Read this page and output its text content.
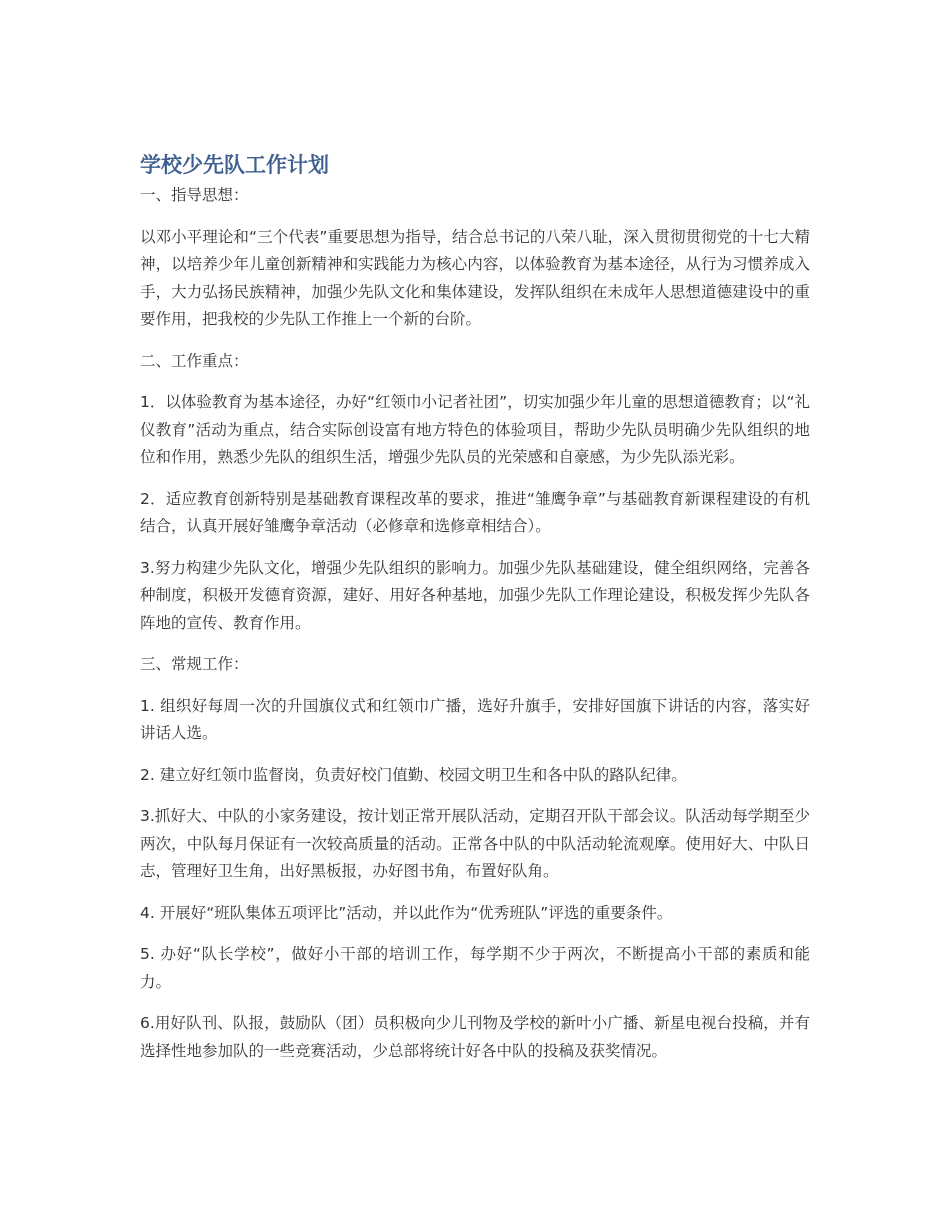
学校少先队工作计划

一、指导思想：

以邓小平理论和“三个代表”重要思想为指导，结合总书记的八荣八耻，深入贯彻贯彻党的十七大精神，以培养少年儿童创新精神和实践能力为核心内容，以体验教育为基本途径，从行为习惯养成入手，大力弘扬民族精神，加强少先队文化和集体建设，发挥队组织在未成年人思想道德建设中的重要作用，把我校的少先队工作推上一个新的台阶。

二、工作重点：

1．以体验教育为基本途径，办好“红领巾小记者社团”，切实加强少年儿童的思想道德教育；以“礼仪教育”活动为重点，结合实际创设富有地方特色的体验项目，帮助少先队员明确少先队组织的地位和作用，熟悉少先队的组织生活，增强少先队员的光荣感和自豪感，为少先队添光彩。

2．适应教育创新特别是基础教育课程改革的要求，推进“雏鹰争章”与基础教育新课程建设的有机结合，认真开展好雏鹰争章活动（必修章和选修章相结合）。

3.努力构建少先队文化，增强少先队组织的影响力。加强少先队基础建设，健全组织网络，完善各种制度，积极开发德育资源，建好、用好各种基地，加强少先队工作理论建设，积极发挥少先队各阵地的宣传、教育作用。

三、常规工作：

1. 组织好每周一次的升国旗仪式和红领巾广播，选好升旗手，安排好国旗下讲话的内容，落实好讲话人选。

2. 建立好红领巾监督岗，负责好校门值勤、校园文明卫生和各中队的路队纪律。

3.抓好大、中队的小家务建设，按计划正常开展队活动，定期召开队干部会议。队活动每学期至少两次，中队每月保证有一次较高质量的活动。正常各中队的中队活动轮流观摩。使用好大、中队日志，管理好卫生角，出好黑板报，办好图书角，布置好队角。

4. 开展好“班队集体五项评比”活动，并以此作为“优秀班队”评选的重要条件。

5. 办好“队长学校”，做好小干部的培训工作，每学期不少于两次，不断提高小干部的素质和能力。

6.用好队刊、队报，鼓励队（团）员积极向少儿刊物及学校的新叶小广播、新星电视台投稿，并有选择性地参加队的一些竞赛活动，少总部将统计好各中队的投稿及获奖情况。
